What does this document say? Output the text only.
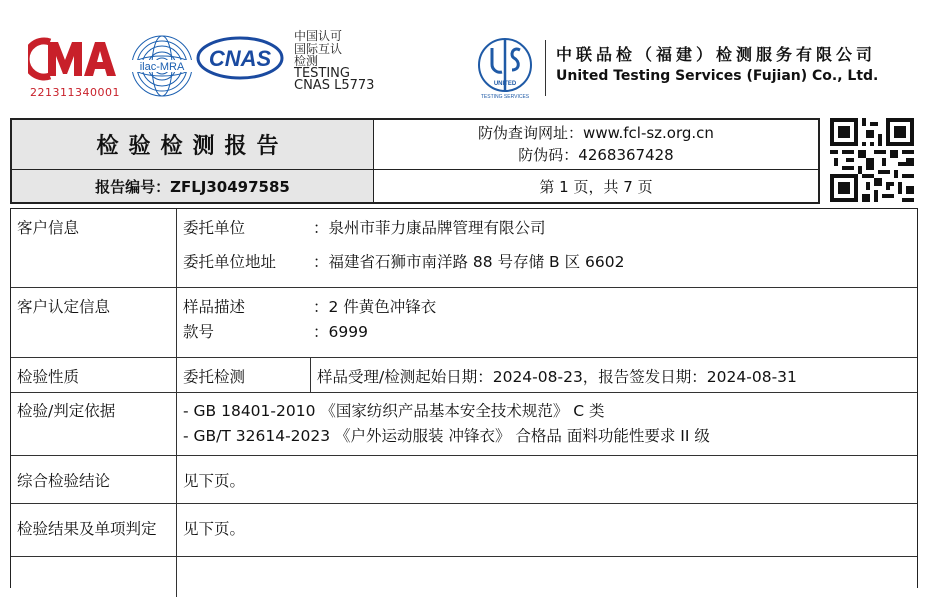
221311340001
ilac-MRA CNAS
中国认可
国际互认
检测
TESTING
CNAS L5773	UNITED
TESTING SERVICES
中联品检（福建）检测服务有限公司
United Testing Services (Fujian) Co., Ltd.
检验检测报告
防伪查询网址：www.fcl-sz.org.cn
防伪码：4268367428
报告编号：ZFLJ30497585	第 1 页，共 7 页
客户信息	委托单位	：泉州市菲力康品牌管理有限公司
委托单位地址 ：福建省石狮市南洋路 88 号存储 B 区 6602
客户认定信息	样品描述	：2 件黄色冲锋衣
款号	：6999
检验性质	委托检测	样品受理/检测起始日期：2024-08-23，报告签发日期：2024-08-31
检验/判定依据	- GB 18401-2010 《国家纺织产品基本安全技术规范》 C 类
- GB/T 32614-2023 《户外运动服装 冲锋衣》 合格品 面料功能性要求 II 级
综合检验结论	见下页。
检验结果及单项判定 见下页。
